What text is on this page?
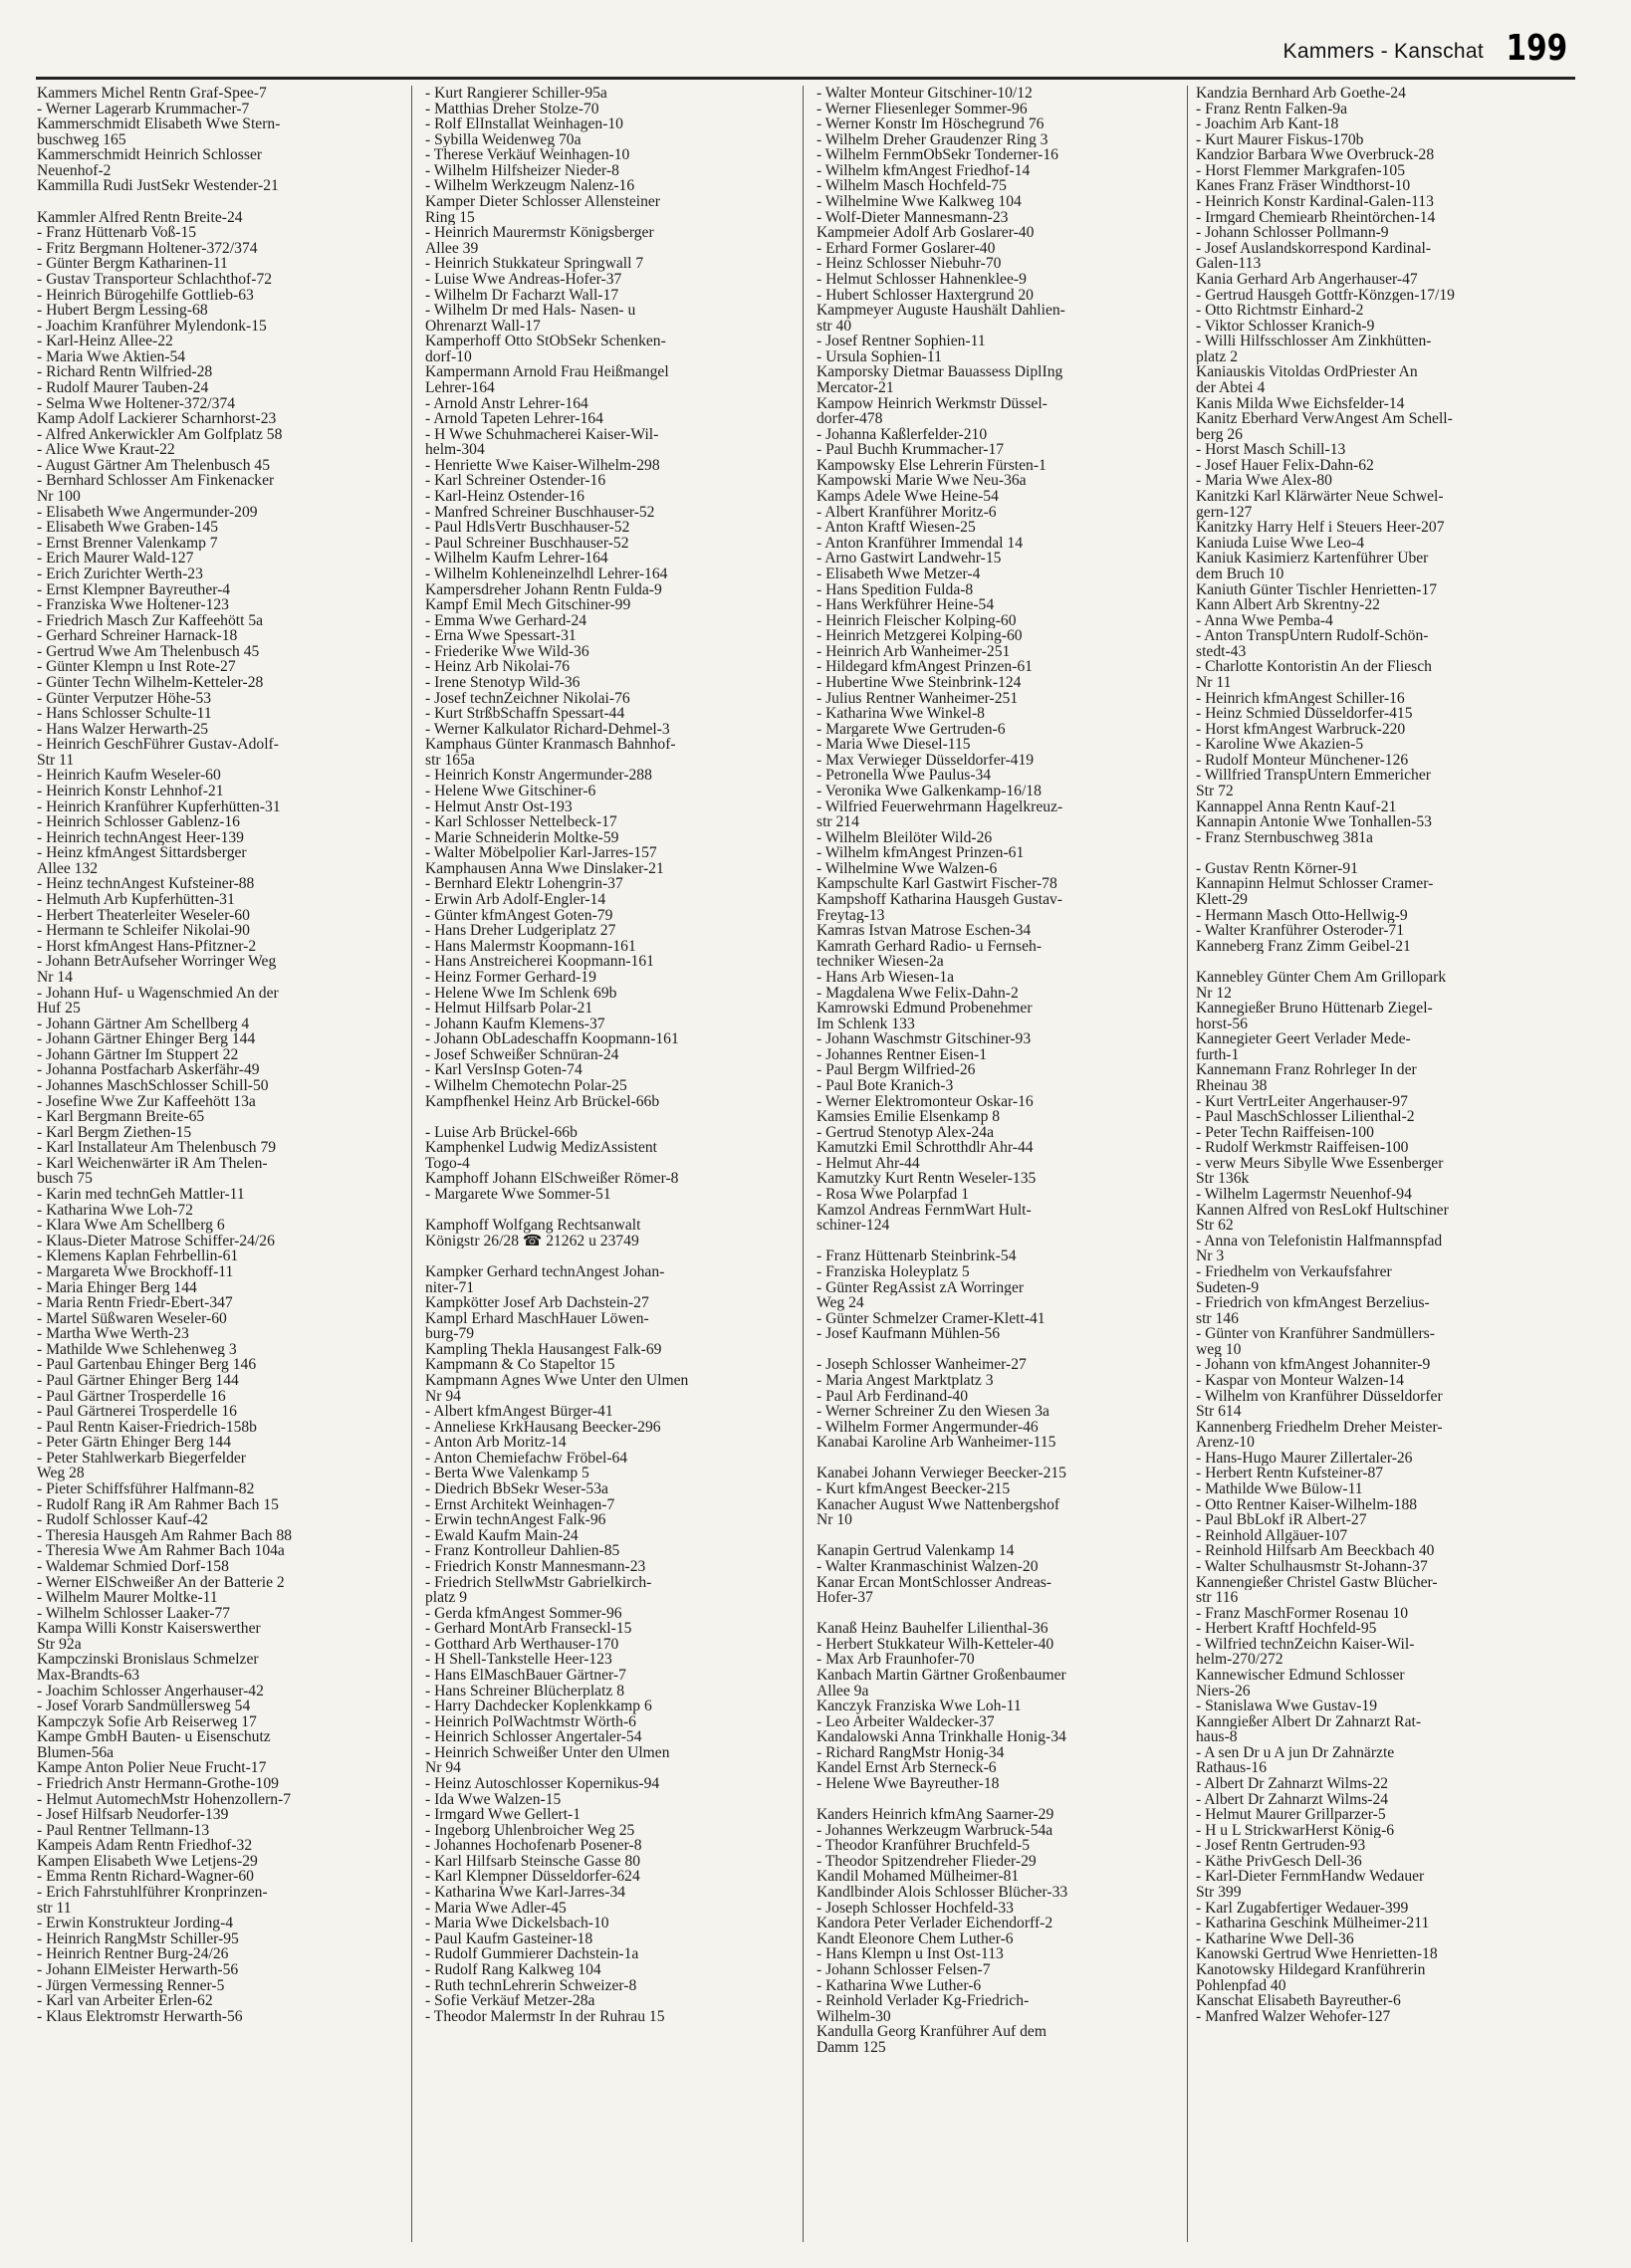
Kammers - Kanschat 199
Kammers Michel Rentn Graf-Spee-7
- Werner Lagerarb Krummacher-7
Kammerschmidt Elisabeth Wwe Stern-
buschweg 165
Kammerschmidt Heinrich Schlosser
Neuenhof-2
Kammilla Rudi JustSekr Westender-21
Kammler Alfred Rentn Breite-24
- Franz Hüttenarb Voß-15
- Fritz Bergmann Holtener-372/374
- Günter Bergm Katharinen-11
- Gustav Transporteur Schlachthof-72
- Heinrich Bürogehilfe Gottlieb-63
- Hubert Bergm Lessing-68
- Joachim Kranführer Mylendonk-15
- Karl-Heinz Allee-22
- Maria Wwe Aktien-54
- Richard Rentn Wilfried-28
- Rudolf Maurer Tauben-24
- Selma Wwe Holtener-372/374
Kamp Adolf Lackierer Scharnhorst-23
- Alfred Ankerwickler Am Golfplatz 58
- Alice Wwe Kraut-22
- August Gärtner Am Thelenbusch 45
- Bernhard Schlosser Am Finkenacker
Nr 100
- Elisabeth Wwe Angermunder-209
- Elisabeth Wwe Graben-145
- Ernst Brenner Valenkamp 7
- Erich Maurer Wald-127
- Erich Zurichter Werth-23
- Ernst Klempner Bayreuther-4
- Franziska Wwe Holtener-123
- Friedrich Masch Zur Kaffeehött 5a
- Gerhard Schreiner Harnack-18
- Gertrud Wwe Am Thelenbusch 45
- Günter Klempn u Inst Rote-27
- Günter Techn Wilhelm-Ketteler-28
- Günter Verputzer Höhe-53
- Hans Schlosser Schulte-11
- Hans Walzer Herwarth-25
- Heinrich GeschFührer Gustav-Adolf-
Str 11
- Heinrich Kaufm Weseler-60
- Heinrich Konstr Lehnhof-21
- Heinrich Kranführer Kupferhütten-31
- Heinrich Schlosser Gablenz-16
- Heinrich technAngest Heer-139
- Heinz kfmAngest Sittardsberger
Allee 132
- Heinz technAngest Kufsteiner-88
- Helmuth Arb Kupferhütten-31
- Herbert Theaterleiter Weseler-60
- Hermann te Schleifer Nikolai-90
- Horst kfmAngest Hans-Pfitzner-2
- Johann BetrAufseher Worringer Weg
Nr 14
- Johann Huf- u Wagenschmied An der
Huf 25
- Johann Gärtner Am Schellberg 4
- Johann Gärtner Ehinger Berg 144
- Johann Gärtner Im Stuppert 22
- Johanna Postfacharb Askerfähr-49
- Johannes MaschSchlosser Schill-50
- Josefine Wwe Zur Kaffeehött 13a
- Karl Bergmann Breite-65
- Karl Bergm Ziethen-15
- Karl Installateur Am Thelenbusch 79
- Karl Weichenwärter iR Am Thelen-
busch 75
- Karin med technGeh Mattler-11
- Katharina Wwe Loh-72
- Klara Wwe Am Schellberg 6
- Klaus-Dieter Matrose Schiffer-24/26
- Klemens Kaplan Fehrbellin-61
- Margareta Wwe Brockhoff-11
- Maria Ehinger Berg 144
- Maria Rentn Friedr-Ebert-347
- Martel Süßwaren Weseler-60
- Martha Wwe Werth-23
- Mathilde Wwe Schlehenweg 3
- Paul Gartenbau Ehinger Berg 146
- Paul Gärtner Ehinger Berg 144
- Paul Gärtner Trosperdelle 16
- Paul Gärtnerei Trosperdelle 16
- Paul Rentn Kaiser-Friedrich-158b
- Peter Gärtn Ehinger Berg 144
- Peter Stahlwerkarb Biegerfelder
Weg 28
- Pieter Schiffsführer Halfmann-82
- Rudolf Rang iR Am Rahmer Bach 15
- Rudolf Schlosser Kauf-42
- Theresia Hausgeh Am Rahmer Bach 88
- Theresia Wwe Am Rahmer Bach 104a
- Waldemar Schmied Dorf-158
- Werner ElSchweißer An der Batterie 2
- Wilhelm Maurer Moltke-11
- Wilhelm Schlosser Laaker-77
Kampa Willi Konstr Kaiserswerther
Str 92a
Kampczinski Bronislaus Schmelzer
Max-Brandts-63
- Joachim Schlosser Angerhauser-42
- Josef Vorarb Sandmüllersweg 54
Kampczyk Sofie Arb Reiserweg 17
Kampe GmbH Bauten- u Eisenschutz
Blumen-56a
Kampe Anton Polier Neue Frucht-17
- Friedrich Anstr Hermann-Grothe-109
- Helmut AutomechMstr Hohenzollern-7
- Josef Hilfsarb Neudorfer-139
- Paul Rentner Tellmann-13
Kampeis Adam Rentn Friedhof-32
Kampen Elisabeth Wwe Letjens-29
- Emma Rentn Richard-Wagner-60
- Erich Fahrstuhlführer Kronprinzen-
str 11
- Erwin Konstrukteur Jording-4
- Heinrich RangMstr Schiller-95
- Heinrich Rentner Burg-24/26
- Johann ElMeister Herwarth-56
- Jürgen Vermessing Renner-5
- Karl van Arbeiter Erlen-62
- Klaus Elektromstr Herwarth-56
- Kurt Rangierer Schiller-95a
- Matthias Dreher Stolze-70
- Rolf ElInstallat Weinhagen-10
- Sybilla Weidenweg 70a
- Therese Verkäuf Weinhagen-10
- Wilhelm Hilfsheizer Nieder-8
- Wilhelm Werkzeugm Nalenz-16
Kamper Dieter Schlosser Allensteiner
Ring 15
- Heinrich Maurermstr Königsberger
Allee 39
- Heinrich Stukkateur Springwall 7
- Luise Wwe Andreas-Hofer-37
- Wilhelm Dr Facharzt Wall-17
- Wilhelm Dr med Hals- Nasen- u
Ohrenarzt Wall-17
Kamperhoff Otto StObSekr Schenken-
dorf-10
Kampermann Arnold Frau Heißmangel
Lehrer-164
- Arnold Anstr Lehrer-164
- Arnold Tapeten Lehrer-164
- H Wwe Schuhmacherei Kaiser-Wil-
helm-304
- Henriette Wwe Kaiser-Wilhelm-298
- Karl Schreiner Ostender-16
- Karl-Heinz Ostender-16
- Manfred Schreiner Buschhauser-52
- Paul HdlsVertr Buschhauser-52
- Paul Schreiner Buschhauser-52
- Wilhelm Kaufm Lehrer-164
- Wilhelm Kohleneinzelhdl Lehrer-164
Kampersdreher Johann Rentn Fulda-9
Kampf Emil Mech Gitschiner-99
- Emma Wwe Gerhard-24
- Erna Wwe Spessart-31
- Friederike Wwe Wild-36
- Heinz Arb Nikolai-76
- Irene Stenotyp Wild-36
- Josef technZeichner Nikolai-76
- Kurt StrßbSchaffn Spessart-44
- Werner Kalkulator Richard-Dehmel-3
Kamphaus Günter Kranmasch Bahnhof-
str 165a
- Heinrich Konstr Angermunder-288
- Helene Wwe Gitschiner-6
- Helmut Anstr Ost-193
- Karl Schlosser Nettelbeck-17
- Marie Schneiderin Moltke-59
- Walter Möbelpolier Karl-Jarres-157
Kamphausen Anna Wwe Dinslaker-21
- Bernhard Elektr Lohengrin-37
- Erwin Arb Adolf-Engler-14
- Günter kfmAngest Goten-79
- Hans Dreher Ludgeriplatz 27
- Hans Malermstr Koopmann-161
- Hans Anstreicherei Koopmann-161
- Heinz Former Gerhard-19
- Helene Wwe Im Schlenk 69b
- Helmut Hilfsarb Polar-21
- Johann Kaufm Klemens-37
- Johann ObLadeschaffn Koopmann-161
- Josef Schweißer Schnüran-24
- Karl VersInsp Goten-74
- Wilhelm Chemotechn Polar-25
Kampfhenkel Heinz Arb Brückel-66b
- Luise Arb Brückel-66b
Kamphenkel Ludwig MedizAssistent
Togo-4
Kamphoff Johann ElSchweißer Römer-8
- Margarete Wwe Sommer-51
Kamphoff Wolfgang Rechtsanwalt
Königstr 26/28 ☎ 21262 u 23749
Kampker Gerhard technAngest Johan-
niter-71
Kampkötter Josef Arb Dachstein-27
Kampl Erhard MaschHauer Löwen-
burg-79
Kampling Thekla Hausangest Falk-69
Kampmann & Co Stapeltor 15
Kampmann Agnes Wwe Unter den Ulmen
Nr 94
- Albert kfmAngest Bürger-41
- Anneliese KrkHausang Beecker-296
- Anton Arb Moritz-14
- Anton Chemiefachw Fröbel-64
- Berta Wwe Valenkamp 5
- Diedrich BbSekr Weser-53a
- Ernst Architekt Weinhagen-7
- Erwin technAngest Falk-96
- Ewald Kaufm Main-24
- Franz Kontrolleur Dahlien-85
- Friedrich Konstr Mannesmann-23
- Friedrich StellwMstr Gabrielkirch-
platz 9
- Gerda kfmAngest Sommer-96
- Gerhard MontArb Franseckl-15
- Gotthard Arb Werthauser-170
- H Shell-Tankstelle Heer-123
- Hans ElMaschBauer Gärtner-7
- Hans Schreiner Blücherplatz 8
- Harry Dachdecker Koplenkkamp 6
- Heinrich PolWachtmstr Wörth-6
- Heinrich Schlosser Angertaler-54
- Heinrich Schweißer Unter den Ulmen
Nr 94
- Heinz Autoschlosser Kopernikus-94
- Ida Wwe Walzen-15
- Irmgard Wwe Gellert-1
- Ingeborg Uhlenbroicher Weg 25
- Johannes Hochofenarb Posener-8
- Karl Hilfsarb Steinsche Gasse 80
- Karl Klempner Düsseldorfer-624
- Katharina Wwe Karl-Jarres-34
- Maria Wwe Adler-45
- Maria Wwe Dickelsbach-10
- Paul Kaufm Gasteiner-18
- Rudolf Gummierer Dachstein-1a
- Rudolf Rang Kalkweg 104
- Ruth technLehrerin Schweizer-8
- Sofie Verkäuf Metzer-28a
- Theodor Malermstr In der Ruhrau 15
- Walter Monteur Gitschiner-10/12
- Werner Fliesenleger Sommer-96
- Werner Konstr Im Höschegrund 76
- Wilhelm Dreher Graudenzer Ring 3
- Wilhelm FernmObSekr Tonderner-16
- Wilhelm kfmAngest Friedhof-14
- Wilhelm Masch Hochfeld-75
- Wilhelmine Wwe Kalkweg 104
- Wolf-Dieter Mannesmann-23
Kampmeier Adolf Arb Goslarer-40
- Erhard Former Goslarer-40
- Heinz Schlosser Niebuhr-70
- Helmut Schlosser Hahnenklee-9
- Hubert Schlosser Haxtergrund 20
Kampmeyer Auguste Haushält Dahlien-
str 40
- Josef Rentner Sophien-11
- Ursula Sophien-11
Kamporsky Dietmar Bauassess DiplIng
Mercator-21
Kampow Heinrich Werkmstr Düssel-
dorfer-478
- Johanna Kaßlerfelder-210
- Paul Buchh Krummacher-17
Kampowsky Else Lehrerin Fürsten-1
Kampowski Marie Wwe Neu-36a
Kamps Adele Wwe Heine-54
- Albert Kranführer Moritz-6
- Anton Kraftf Wiesen-25
- Anton Kranführer Immendal 14
- Arno Gastwirt Landwehr-15
- Elisabeth Wwe Metzer-4
- Hans Spedition Fulda-8
- Hans Werkführer Heine-54
- Heinrich Fleischer Kolping-60
- Heinrich Metzgerei Kolping-60
- Heinrich Arb Wanheimer-251
- Hildegard kfmAngest Prinzen-61
- Hubertine Wwe Steinbrink-124
- Julius Rentner Wanheimer-251
- Katharina Wwe Winkel-8
- Margarete Wwe Gertruden-6
- Maria Wwe Diesel-115
- Max Verwieger Düsseldorfer-419
- Petronella Wwe Paulus-34
- Veronika Wwe Galkenkamp-16/18
- Wilfried Feuerwehrmann Hagelkreuz-
str 214
- Wilhelm Bleilöter Wild-26
- Wilhelm kfmAngest Prinzen-61
- Wilhelmine Wwe Walzen-6
Kampschulte Karl Gastwirt Fischer-78
Kampshoff Katharina Hausgeh Gustav-
Freytag-13
Kamras Istvan Matrose Eschen-34
Kamrath Gerhard Radio- u Fernseh-
techniker Wiesen-2a
- Hans Arb Wiesen-1a
- Magdalena Wwe Felix-Dahn-2
Kamrowski Edmund Probenehmer
Im Schlenk 133
- Johann Waschmstr Gitschiner-93
- Johannes Rentner Eisen-1
- Paul Bergm Wilfried-26
- Paul Bote Kranich-3
- Werner Elektromonteur Oskar-16
Kamsies Emilie Elsenkamp 8
- Gertrud Stenotyp Alex-24a
Kamutzki Emil Schrotthdlr Ahr-44
- Helmut Ahr-44
Kamutzky Kurt Rentn Weseler-135
- Rosa Wwe Polarpfad 1
Kamzol Andreas FernmWart Hult-
schiner-124
- Franz Hüttenarb Steinbrink-54
- Franziska Holeyplatz 5
- Günter RegAssist zA Worringer
Weg 24
- Günter Schmelzer Cramer-Klett-41
- Josef Kaufmann Mühlen-56
- Joseph Schlosser Wanheimer-27
- Maria Angest Marktplatz 3
- Paul Arb Ferdinand-40
- Werner Schreiner Zu den Wiesen 3a
- Wilhelm Former Angermunder-46
Kanabai Karoline Arb Wanheimer-115
Kanabei Johann Verwieger Beecker-215
- Kurt kfmAngest Beecker-215
Kanacher August Wwe Nattenbergshof
Nr 10
Kanapin Gertrud Valenkamp 14
- Walter Kranmaschinist Walzen-20
Kanar Ercan MontSchlosser Andreas-
Hofer-37
Kanaß Heinz Bauhelfer Lilienthal-36
- Herbert Stukkateur Wilh-Ketteler-40
- Max Arb Fraunhofer-70
Kanbach Martin Gärtner Großenbaumer
Allee 9a
Kanczyk Franziska Wwe Loh-11
- Leo Arbeiter Waldecker-37
Kandalowski Anna Trinkhalle Honig-34
- Richard RangMstr Honig-34
Kandel Ernst Arb Sterneck-6
- Helene Wwe Bayreuther-18
Kanders Heinrich kfmAng Saarner-29
- Johannes Werkzeugm Warbruck-54a
- Theodor Kranführer Bruchfeld-5
- Theodor Spitzendreher Flieder-29
Kandil Mohamed Mülheimer-81
Kandlbinder Alois Schlosser Blücher-33
- Joseph Schlosser Hochfeld-33
Kandora Peter Verlader Eichendorff-2
Kandt Eleonore Chem Luther-6
- Hans Klempn u Inst Ost-113
- Johann Schlosser Felsen-7
- Katharina Wwe Luther-6
- Reinhold Verlader Kg-Friedrich-
Wilhelm-30
Kandulla Georg Kranführer Auf dem
Damm 125
Kandzia Bernhard Arb Goethe-24
- Franz Rentn Falken-9a
- Joachim Arb Kant-18
- Kurt Maurer Fiskus-170b
Kandzior Barbara Wwe Overbruck-28
- Horst Flemmer Markgrafen-105
Kanes Franz Fräser Windthorst-10
- Heinrich Konstr Kardinal-Galen-113
- Irmgard Chemiearb Rheintörchen-14
- Johann Schlosser Pollmann-9
- Josef Auslandskorrespond Kardinal-
Galen-113
Kania Gerhard Arb Angerhauser-47
- Gertrud Hausgeh Gottfr-Könzgen-17/19
- Otto Richtmstr Einhard-2
- Viktor Schlosser Kranich-9
- Willi Hilfsschlosser Am Zinkhütten-
platz 2
Kaniauskis Vitoldas OrdPriester An
der Abtei 4
Kanis Milda Wwe Eichsfelder-14
Kanitz Eberhard VerwAngest Am Schell-
berg 26
- Horst Masch Schill-13
- Josef Hauer Felix-Dahn-62
- Maria Wwe Alex-80
Kanitzki Karl Klärwärter Neue Schwel-
gern-127
Kanitzky Harry Helf i Steuers Heer-207
Kaniuda Luise Wwe Leo-4
Kaniuk Kasimierz Kartenführer Über
dem Bruch 10
Kaniuth Günter Tischler Henrietten-17
Kann Albert Arb Skrentny-22
- Anna Wwe Pemba-4
- Anton TranspUntern Rudolf-Schön-
stedt-43
- Charlotte Kontoristin An der Fliesch
Nr 11
- Heinrich kfmAngest Schiller-16
- Heinz Schmied Düsseldorfer-415
- Horst kfmAngest Warbruck-220
- Karoline Wwe Akazien-5
- Rudolf Monteur Münchener-126
- Willfried TranspUntern Emmericher
Str 72
Kannappel Anna Rentn Kauf-21
Kannapin Antonie Wwe Tonhallen-53
- Franz Sternbuschweg 381a
- Gustav Rentn Körner-91
Kannapinn Helmut Schlosser Cramer-
Klett-29
- Hermann Masch Otto-Hellwig-9
- Walter Kranführer Osteroder-71
Kanneberg Franz Zimm Geibel-21
Kannebley Günter Chem Am Grillopark
Nr 12
Kannegießer Bruno Hüttenarb Ziegel-
horst-56
Kannegieter Geert Verlader Mede-
furth-1
Kannemann Franz Rohrleger In der
Rheinau 38
- Kurt VertrLeiter Angerhauser-97
- Paul MaschSchlosser Lilienthal-2
- Peter Techn Raiffeisen-100
- Rudolf Werkmstr Raiffeisen-100
- verw Meurs Sibylle Wwe Essenberger
Str 136k
- Wilhelm Lagermstr Neuenhof-94
Kannen Alfred von ResLokf Hultschiner
Str 62
- Anna von Telefonistin Halfmannspfad
Nr 3
- Friedhelm von Verkaufsfahrer
Sudeten-9
- Friedrich von kfmAngest Berzelius-
str 146
- Günter von Kranführer Sandmüllers-
weg 10
- Johann von kfmAngest Johanniter-9
- Kaspar von Monteur Walzen-14
- Wilhelm von Kranführer Düsseldorfer
Str 614
Kannenberg Friedhelm Dreher Meister-
Arenz-10
- Hans-Hugo Maurer Zillertaler-26
- Herbert Rentn Kufsteiner-87
- Mathilde Wwe Bülow-11
- Otto Rentner Kaiser-Wilhelm-188
- Paul BbLokf iR Albert-27
- Reinhold Allgäuer-107
- Reinhold Hilfsarb Am Beeckbach 40
- Walter Schulhausmstr St-Johann-37
Kannengießer Christel Gastw Blücher-
str 116
- Franz MaschFormer Rosenau 10
- Herbert Kraftf Hochfeld-95
- Wilfried technZeichn Kaiser-Wil-
helm-270/272
Kannewischer Edmund Schlosser
Niers-26
- Stanislawa Wwe Gustav-19
Kanngießer Albert Dr Zahnarzt Rat-
haus-8
- A sen Dr u A jun Dr Zahnärzte
Rathaus-16
- Albert Dr Zahnarzt Wilms-22
- Albert Dr Zahnarzt Wilms-24
- Helmut Maurer Grillparzer-5
- H u L StrickwarHerst König-6
- Josef Rentn Gertruden-93
- Käthe PrivGesch Dell-36
- Karl-Dieter FernmHandw Wedauer
Str 399
- Karl Zugabfertiger Wedauer-399
- Katharina Geschink Mülheimer-211
- Katharine Wwe Dell-36
Kanowski Gertrud Wwe Henrietten-18
Kanotowsky Hildegard Kranführerin
Pohlenpfad 40
Kanschat Elisabeth Bayreuther-6
- Manfred Walzer Wehofer-127
